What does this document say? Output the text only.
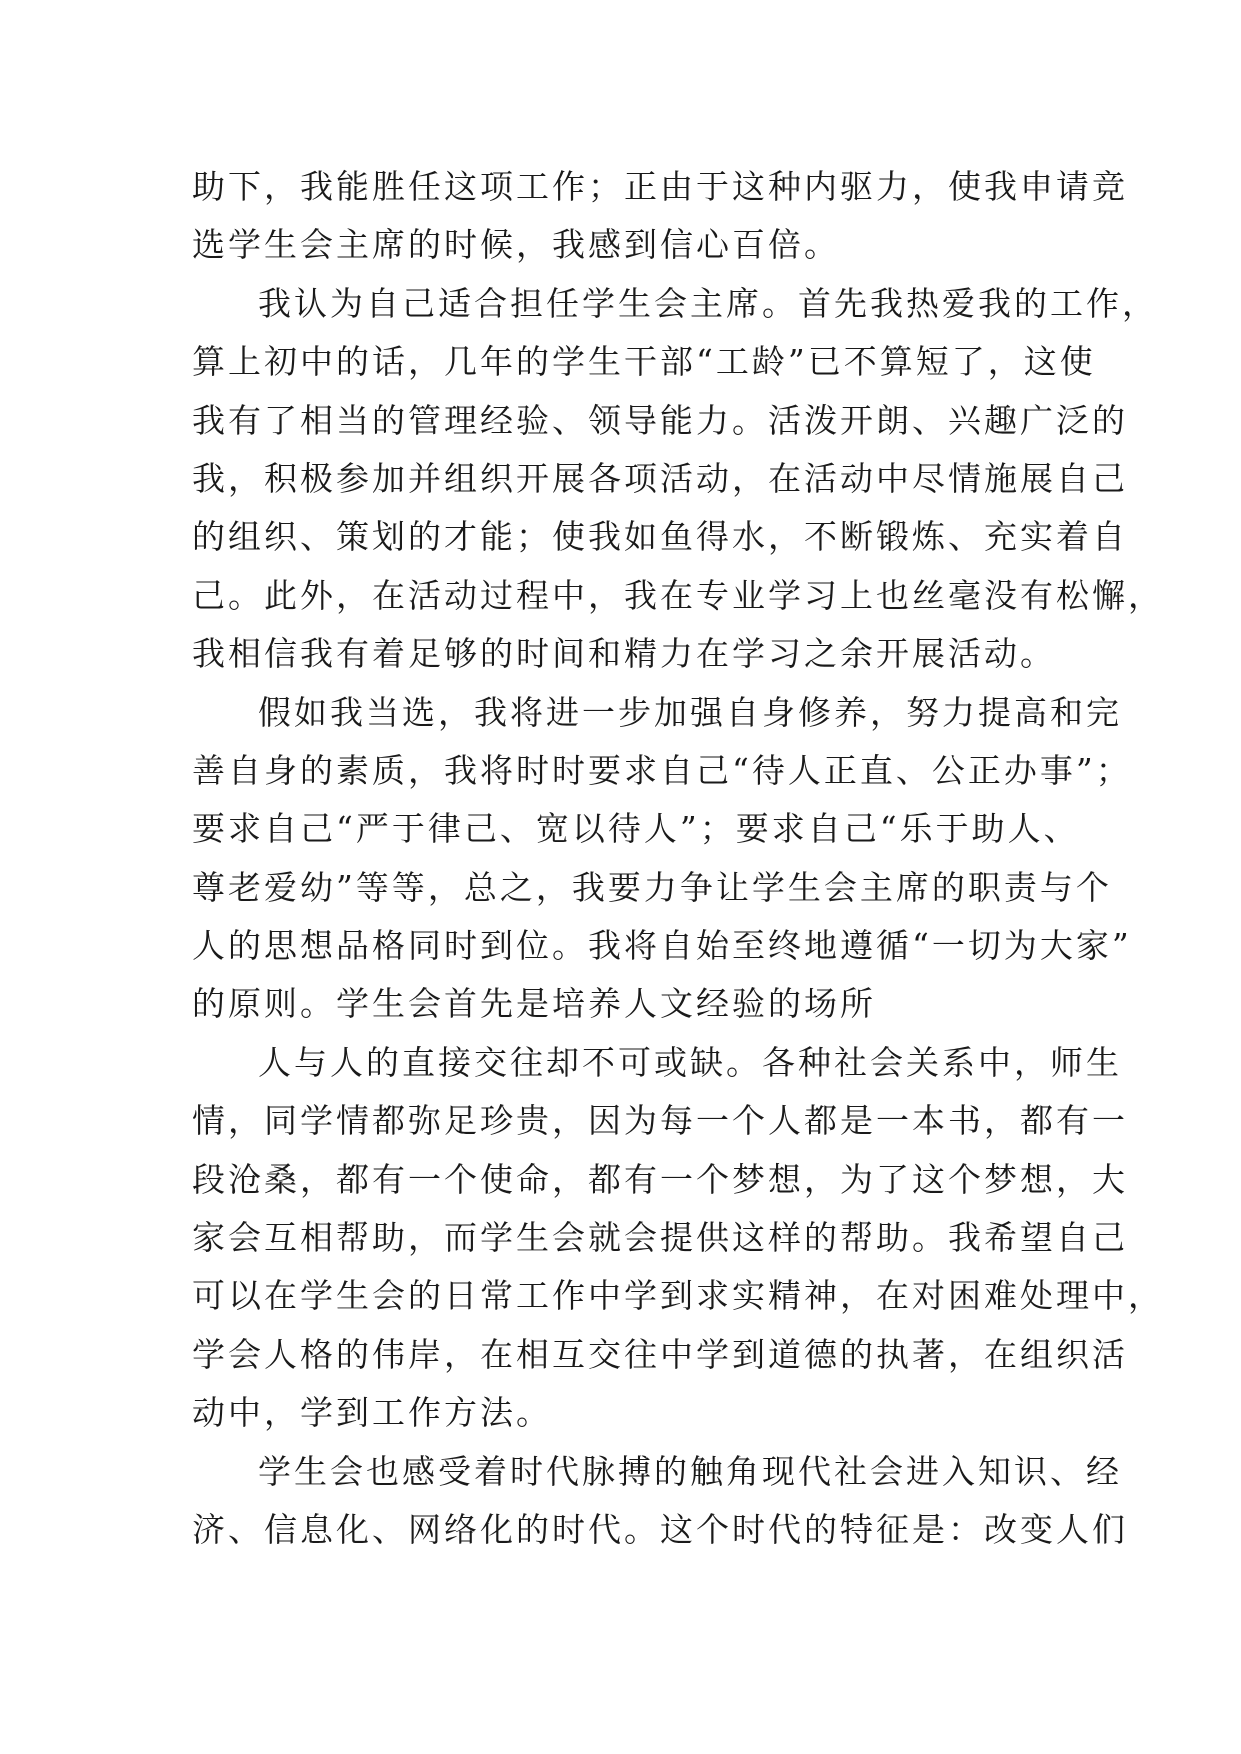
助下，我能胜任这项工作；正由于这种内驱力，使我申请竞
选学生会主席的时候，我感到信心百倍。
我认为自己适合担任学生会主席。首先我热爱我的工作，
算上初中的话，几年的学生干部“工龄”已不算短了，这使
我有了相当的管理经验、领导能力。活泼开朗、兴趣广泛的
我，积极参加并组织开展各项活动，在活动中尽情施展自己
的组织、策划的才能；使我如鱼得水，不断锻炼、充实着自
己。此外，在活动过程中，我在专业学习上也丝毫没有松懈，
我相信我有着足够的时间和精力在学习之余开展活动。
假如我当选，我将进一步加强自身修养，努力提高和完
善自身的素质，我将时时要求自己“待人正直、公正办事”；
要求自己“严于律己、宽以待人”；要求自己“乐于助人、
尊老爱幼”等等，总之，我要力争让学生会主席的职责与个
人的思想品格同时到位。我将自始至终地遵循“一切为大家”
的原则。学生会首先是培养人文经验的场所
人与人的直接交往却不可或缺。各种社会关系中，师生
情，同学情都弥足珍贵，因为每一个人都是一本书，都有一
段沧桑，都有一个使命，都有一个梦想，为了这个梦想，大
家会互相帮助，而学生会就会提供这样的帮助。我希望自己
可以在学生会的日常工作中学到求实精神，在对困难处理中，
学会人格的伟岸，在相互交往中学到道德的执著，在组织活
动中，学到工作方法。
学生会也感受着时代脉搏的触角现代社会进入知识、经
济、信息化、网络化的时代。这个时代的特征是：改变人们
